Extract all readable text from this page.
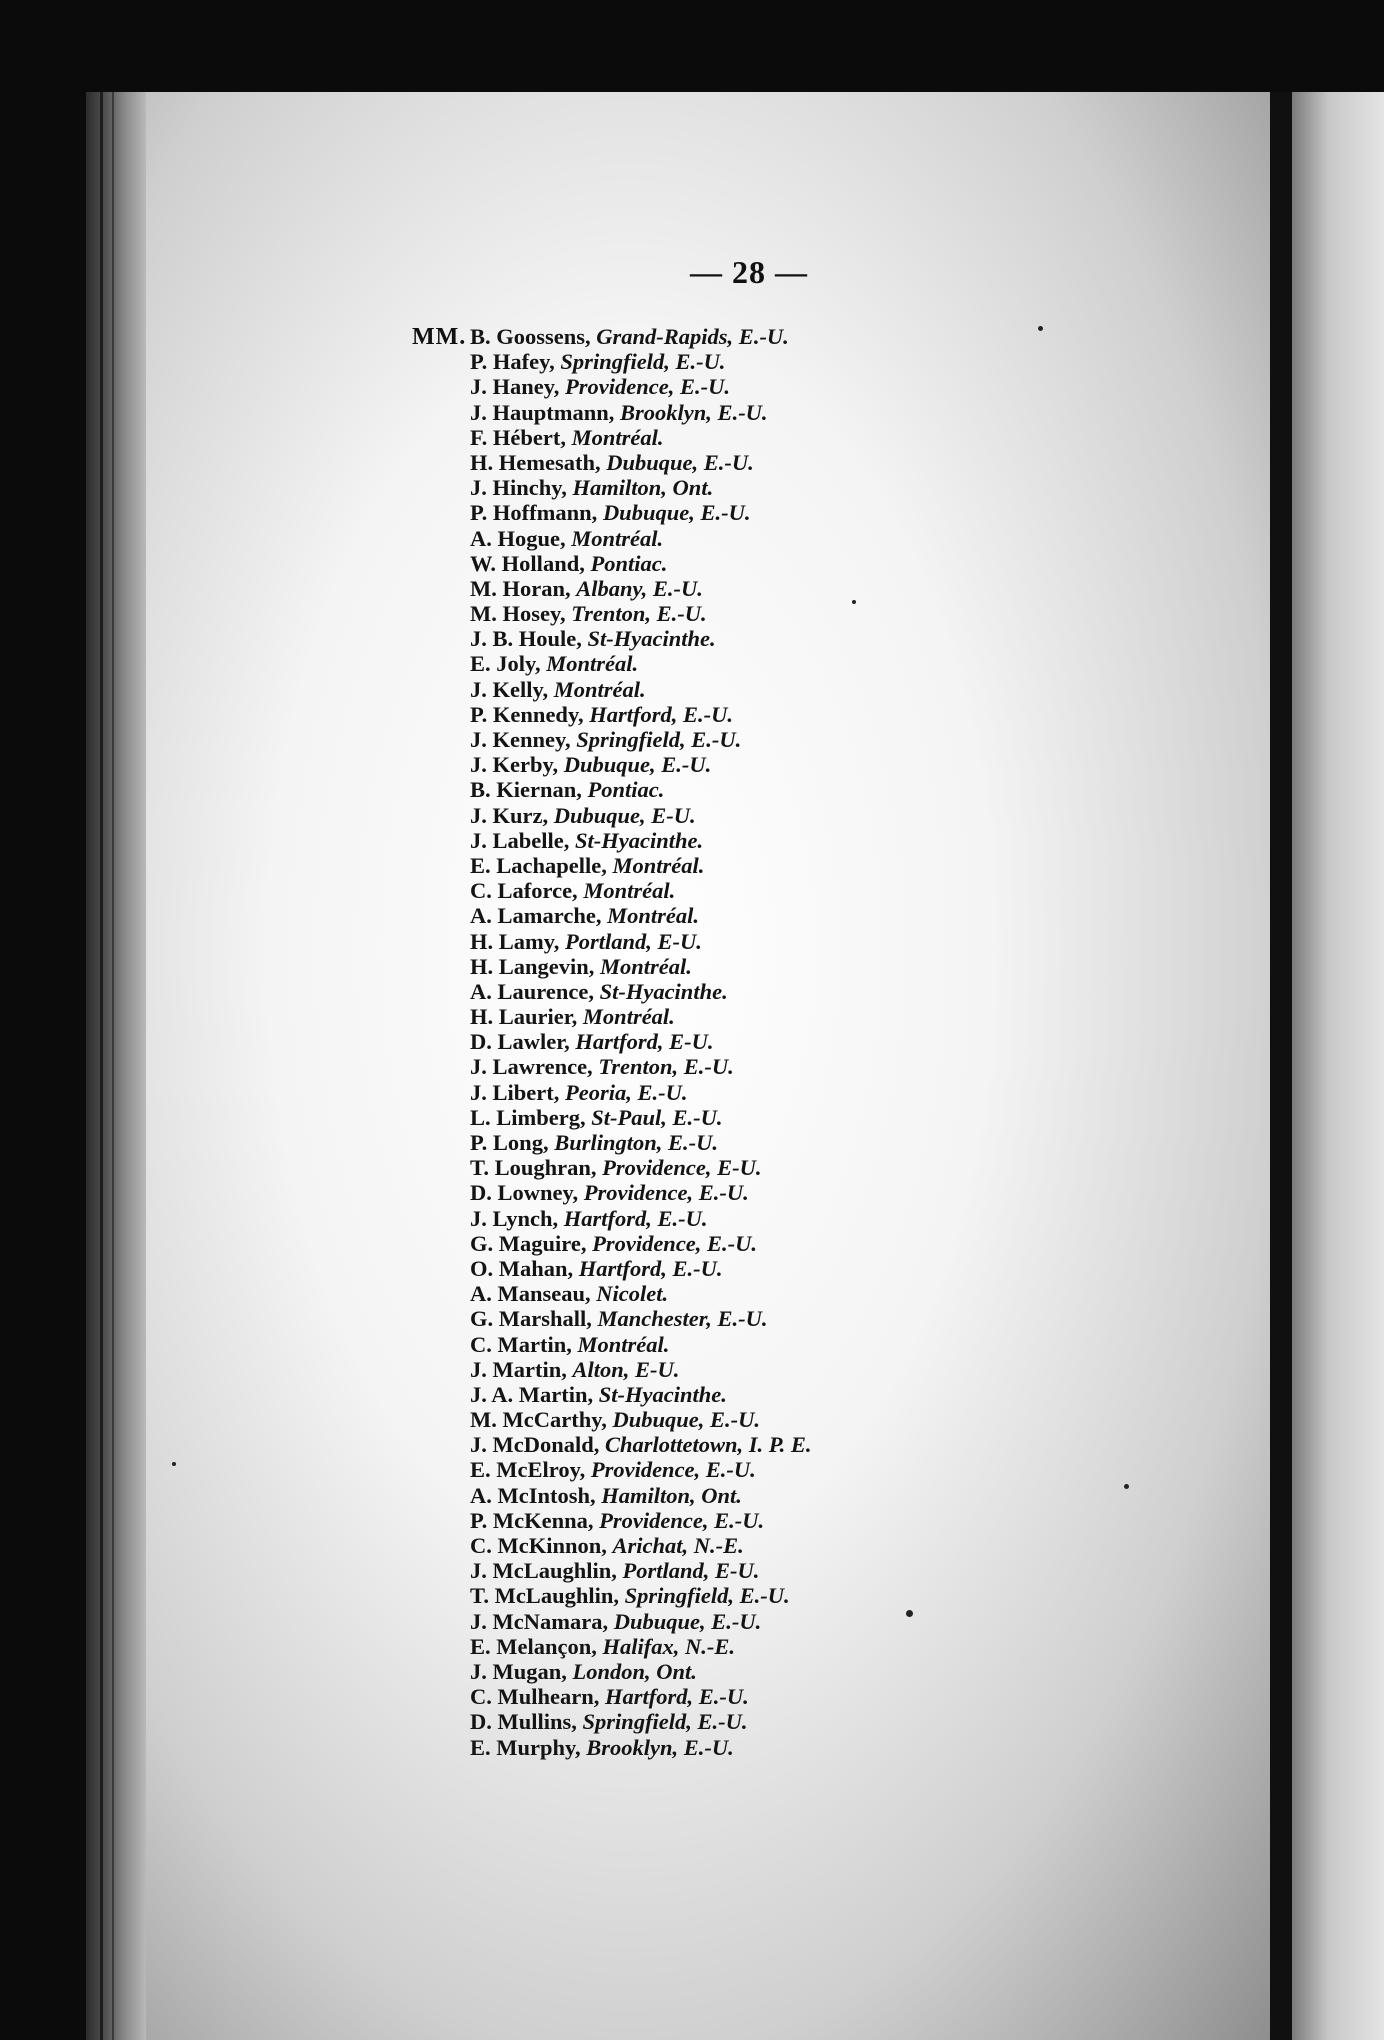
— 28 —
MM. B. Goossens, Grand-Rapids, E.-U.
P. Hafey, Springfield, E.-U.
J. Haney, Providence, E.-U.
J. Hauptmann, Brooklyn, E.-U.
F. Hébert, Montréal.
H. Hemesath, Dubuque, E.-U.
J. Hinchy, Hamilton, Ont.
P. Hoffmann, Dubuque, E.-U.
A. Hogue, Montréal.
W. Holland, Pontiac.
M. Horan, Albany, E.-U.
M. Hosey, Trenton, E.-U.
J. B. Houle, St-Hyacinthe.
E. Joly, Montréal.
J. Kelly, Montréal.
P. Kennedy, Hartford, E.-U.
J. Kenney, Springfield, E.-U.
J. Kerby, Dubuque, E.-U.
B. Kiernan, Pontiac.
J. Kurz, Dubuque, E-U.
J. Labelle, St-Hyacinthe.
E. Lachapelle, Montréal.
C. Laforce, Montréal.
A. Lamarche, Montréal.
H. Lamy, Portland, E-U.
H. Langevin, Montréal.
A. Laurence, St-Hyacinthe.
H. Laurier, Montréal.
D. Lawler, Hartford, E-U.
J. Lawrence, Trenton, E.-U.
J. Libert, Peoria, E.-U.
L. Limberg, St-Paul, E.-U.
P. Long, Burlington, E.-U.
T. Loughran, Providence, E-U.
D. Lowney, Providence, E.-U.
J. Lynch, Hartford, E.-U.
G. Maguire, Providence, E.-U.
O. Mahan, Hartford, E.-U.
A. Manseau, Nicolet.
G. Marshall, Manchester, E.-U.
C. Martin, Montréal.
J. Martin, Alton, E-U.
J. A. Martin, St-Hyacinthe.
M. McCarthy, Dubuque, E.-U.
J. McDonald, Charlottetown, I. P. E.
E. McElroy, Providence, E.-U.
A. McIntosh, Hamilton, Ont.
P. McKenna, Providence, E.-U.
C. McKinnon, Arichat, N.-E.
J. McLaughlin, Portland, E-U.
T. McLaughlin, Springfield, E.-U.
J. McNamara, Dubuque, E.-U.
E. Melançon, Halifax, N.-E.
J. Mugan, London, Ont.
C. Mulhearn, Hartford, E.-U.
D. Mullins, Springfield, E.-U.
E. Murphy, Brooklyn, E.-U.
